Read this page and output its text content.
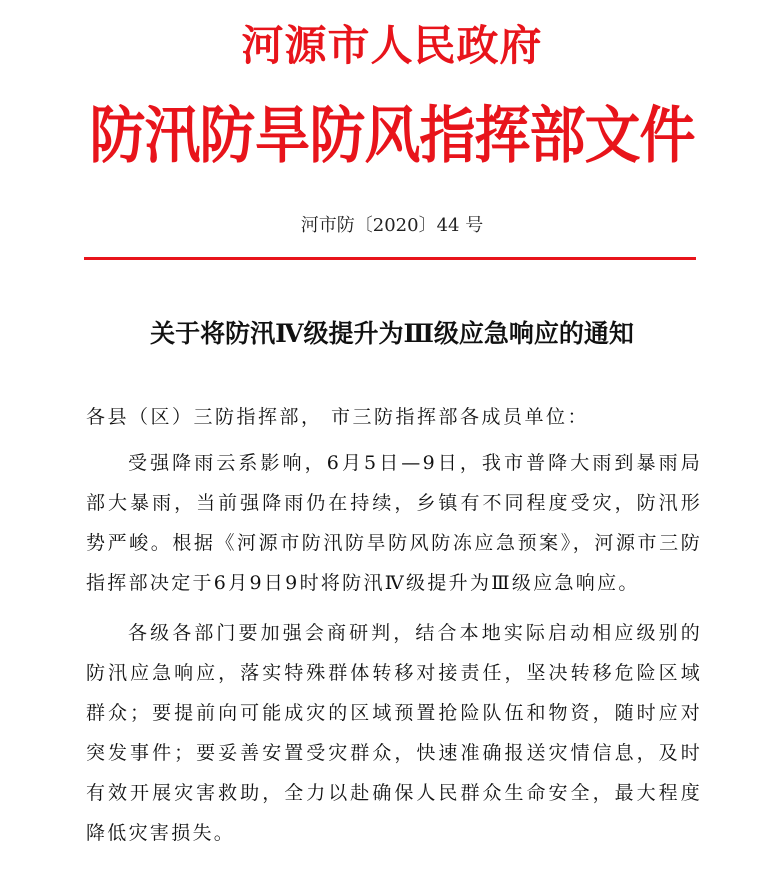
河源市人民政府
防汛防旱防风指挥部文件
河市防〔2020〕44 号
关于将防汛Ⅳ级提升为Ⅲ级应急响应的通知
各县（区）三防指挥部， 市三防指挥部各成员单位：

受强降雨云系影响，6月5日—9日，我市普降大雨到暴雨局部大暴雨，当前强降雨仍在持续，乡镇有不同程度受灾，防汛形势严峻。根据《河源市防汛防旱防风防冻应急预案》，河源市三防指挥部决定于6月9日9时将防汛Ⅳ级提升为Ⅲ级应急响应。

各级各部门要加强会商研判，结合本地实际启动相应级别的防汛应急响应，落实特殊群体转移对接责任，坚决转移危险区域群众；要提前向可能成灾的区域预置抢险队伍和物资，随时应对突发事件；要妥善安置受灾群众，快速准确报送灾情信息，及时有效开展灾害救助，全力以赴确保人民群众生命安全，最大程度降低灾害损失。
